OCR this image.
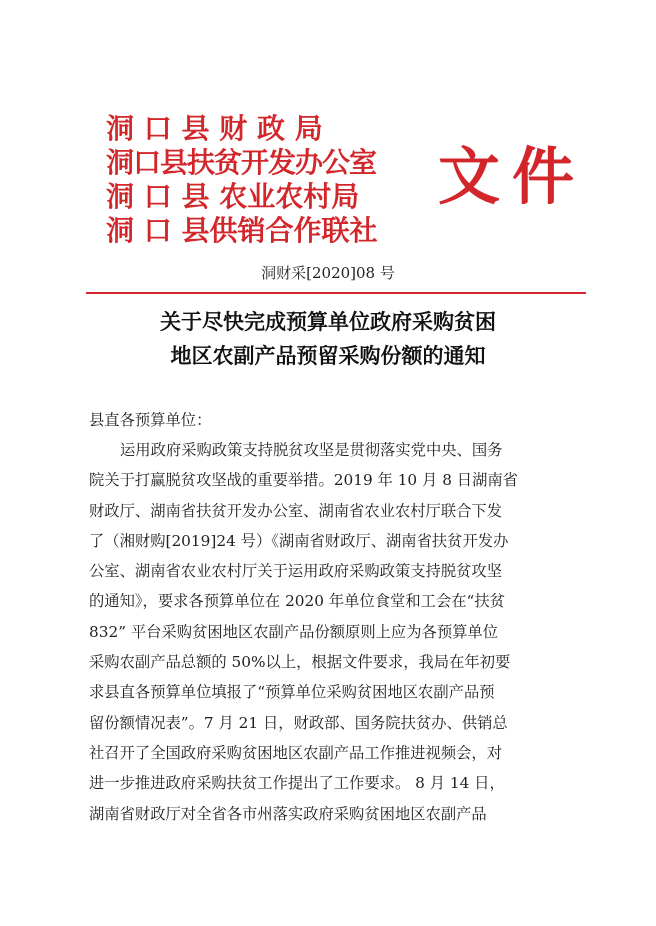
洞 口 县 财 政 局
洞口县扶贫开发办公室
洞 口 县 农业农村局
洞 口 县供销合作联社
文件
洞财采[2020]08 号
关于尽快完成预算单位政府采购贫困
地区农副产品预留采购份额的通知
县直各预算单位：
运用政府采购政策支持脱贫攻坚是贯彻落实党中央、国务
院关于打赢脱贫攻坚战的重要举措。2019 年 10 月 8 日湖南省
财政厅、湖南省扶贫开发办公室、湖南省农业农村厅联合下发
了（湘财购[2019]24 号）《湖南省财政厅、湖南省扶贫开发办
公室、湖南省农业农村厅关于运用政府采购政策支持脱贫攻坚
的通知》，要求各预算单位在 2020 年单位食堂和工会在“扶贫
832” 平台采购贫困地区农副产品份额原则上应为各预算单位
采购农副产品总额的 50%以上，根据文件要求，我局在年初要
求县直各预算单位填报了“预算单位采购贫困地区农副产品预
留份额情况表”。7 月 21 日，财政部、国务院扶贫办、供销总
社召开了全国政府采购贫困地区农副产品工作推进视频会，对
进一步推进政府采购扶贫工作提出了工作要求。 8 月 14 日，
湖南省财政厅对全省各市州落实政府采购贫困地区农副产品
